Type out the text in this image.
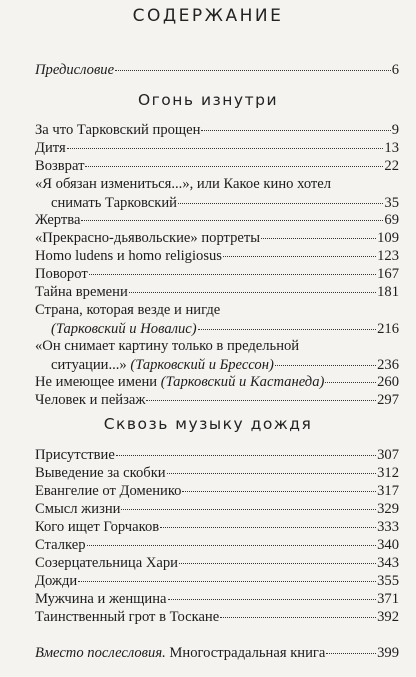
СОДЕРЖАНИЕ
Предисловие	6
Огонь изнутри
За что Тарковский прощен	9
Дитя	13
Возврат	22
«Я обязан измениться...», или Какое кино хотел
снимать Тарковский	35
Жертва	69
«Прекрасно-дьявольские» портреты	109
Homo ludens и homo religiosus	123
Поворот	167
Тайна времени	181
Страна, которая везде и нигде
(Тарковский и Новалис)	216
«Он снимает картину только в предельной
ситуации...»
(Тарковский и Брессон)	236
Не имеющее имени
(Тарковский и Кастанеда)	260
Человек и пейзаж	297
Сквозь музыку дождя
Присутствие	307
Выведение за скобки	312
Евангелие от Доменико	317
Смысл жизни	329
Кого ищет Горчаков	333
Сталкер	340
Созерцательница Хари	343
Дожди	355
Мужчина и женщина	371
Таинственный грот в Тоскане	392
Вместо послесловия.
Многострадальная книга	399
